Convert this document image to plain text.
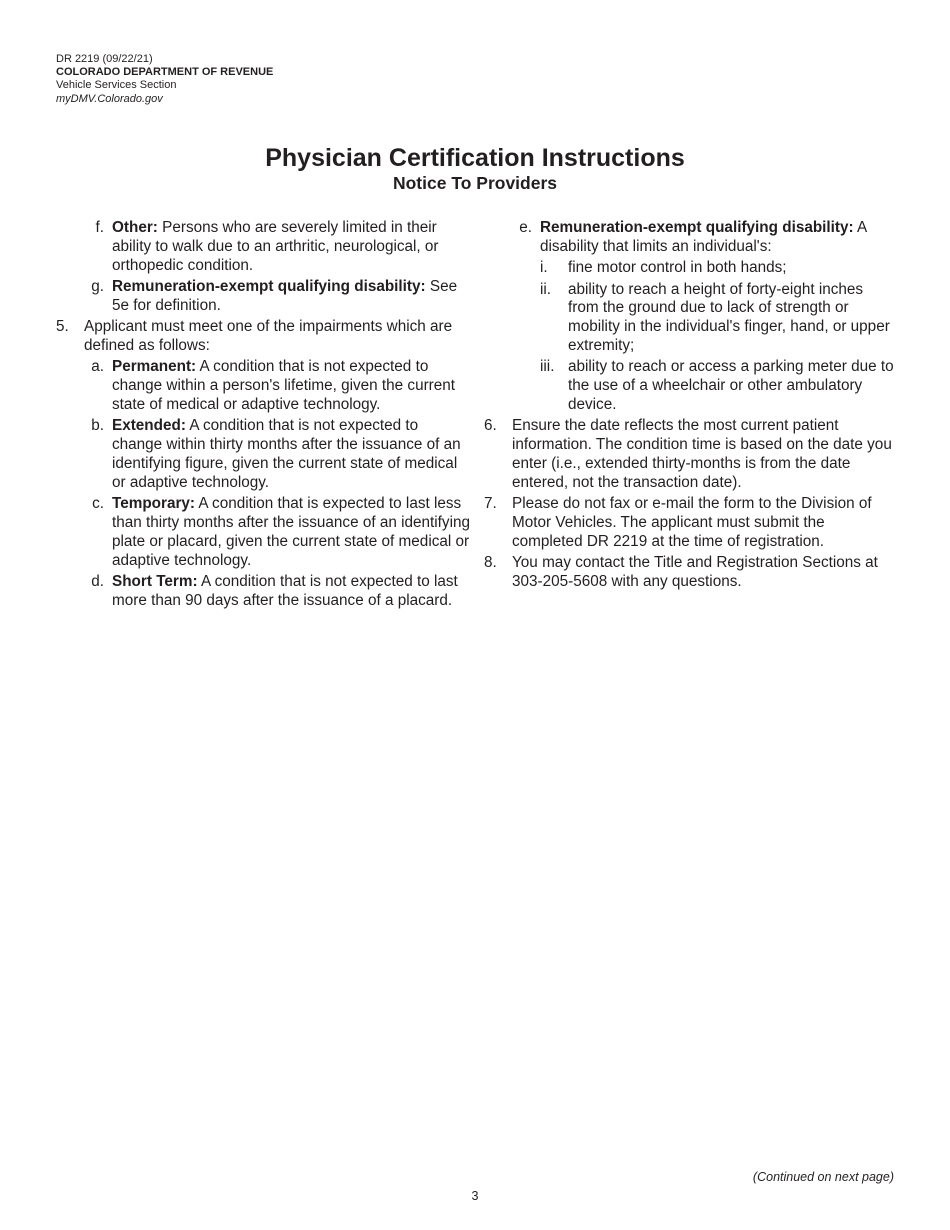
DR 2219 (09/22/21)
COLORADO DEPARTMENT OF REVENUE
Vehicle Services Section
myDMV.Colorado.gov
Physician Certification Instructions
Notice To Providers
f. Other: Persons who are severely limited in their ability to walk due to an arthritic, neurological, or orthopedic condition.
g. Remuneration-exempt qualifying disability: See 5e for definition.
5. Applicant must meet one of the impairments which are defined as follows:
a. Permanent: A condition that is not expected to change within a person's lifetime, given the current state of medical or adaptive technology.
b. Extended: A condition that is not expected to change within thirty months after the issuance of an identifying figure, given the current state of medical or adaptive technology.
c. Temporary: A condition that is expected to last less than thirty months after the issuance of an identifying plate or placard, given the current state of medical or adaptive technology.
d. Short Term: A condition that is not expected to last more than 90 days after the issuance of a placard.
e. Remuneration-exempt qualifying disability: A disability that limits an individual's:
i. fine motor control in both hands;
ii. ability to reach a height of forty-eight inches from the ground due to lack of strength or mobility in the individual's finger, hand, or upper extremity;
iii. ability to reach or access a parking meter due to the use of a wheelchair or other ambulatory device.
6. Ensure the date reflects the most current patient information. The condition time is based on the date you enter (i.e., extended thirty-months is from the date entered, not the transaction date).
7. Please do not fax or e-mail the form to the Division of Motor Vehicles. The applicant must submit the completed DR 2219 at the time of registration.
8. You may contact the Title and Registration Sections at 303-205-5608 with any questions.
(Continued on next page)
3
